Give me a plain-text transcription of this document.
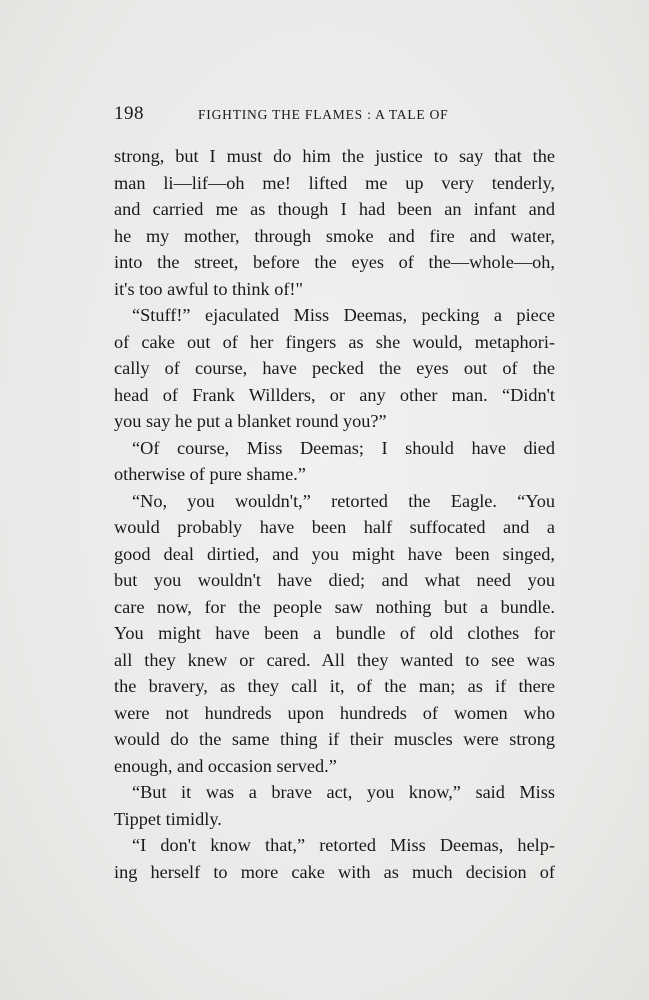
198	FIGHTING THE FLAMES : A TALE OF
strong, but I must do him the justice to say that the
man li—lif—oh me! lifted me up very tenderly,
and carried me as though I had been an infant and
he my mother, through smoke and fire and water,
into the street, before the eyes of the—whole—oh,
it's too awful to think of!"
“Stuff!” ejaculated Miss Deemas, pecking a piece
of cake out of her fingers as she would, metaphori-
cally of course, have pecked the eyes out of the
head of Frank Willders, or any other man. “Didn't
you say he put a blanket round you?”
“Of course, Miss Deemas; I should have died
otherwise of pure shame.”
“No, you wouldn't,” retorted the Eagle. “You
would probably have been half suffocated and a
good deal dirtied, and you might have been singed,
but you wouldn't have died; and what need you
care now, for the people saw nothing but a bundle.
You might have been a bundle of old clothes for
all they knew or cared. All they wanted to see was
the bravery, as they call it, of the man; as if there
were not hundreds upon hundreds of women who
would do the same thing if their muscles were strong
enough, and occasion served.”
“But it was a brave act, you know,” said Miss
Tippet timidly.
“I don't know that,” retorted Miss Deemas, help-
ing herself to more cake with as much decision of
